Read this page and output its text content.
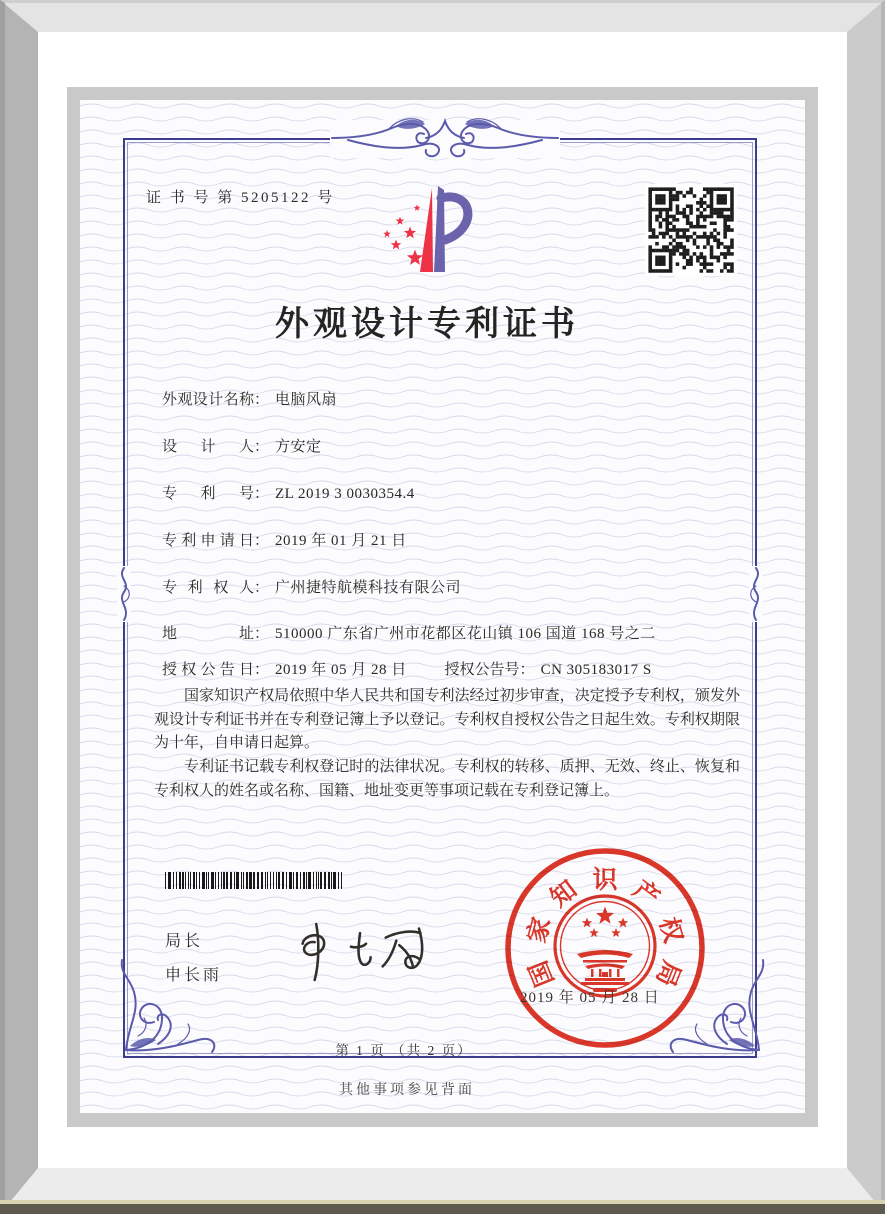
证 书 号 第 5205122 号
外观设计专利证书
外观设计名称： 电脑风扇
设计人： 方安定
专利号： ZL 2019 3 0030354.4
专利申请日： 2019 年 01 月 21 日
专利权人： 广州捷特航模科技有限公司
地址： 510000 广东省广州市花都区花山镇 106 国道 168 号之二
授权公告日： 2019 年 05 月 28 日	授权公告号： CN 305183017 S

国家知识产权局依照中华人民共和国专利法经过初步审查，决定授予专利权，颁发外观设计专利证书并在专利登记簿上予以登记。专利权自授权公告之日起生效。专利权期限为十年，自申请日起算。

专利证书记载专利权登记时的法律状况。专利权的转移、质押、无效、终止、恢复和专利权人的姓名或名称、国籍、地址变更等事项记载在专利登记簿上。

局长
申长雨	国
家
知 识 产
权
局
2019 年 05 月 28 日
第 1 页 （共 2 页）
其他事项参见背面
